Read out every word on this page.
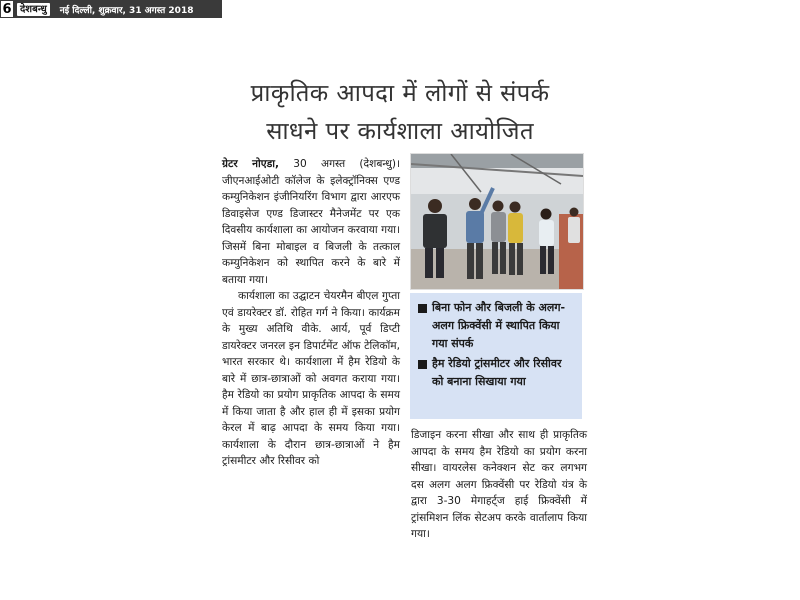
6 देशबन्धु	नई दिल्ली, शुक्रवार, 31 अगस्त 2018
प्राकृतिक आपदा में लोगों से संपर्क
साधने पर कार्यशाला आयोजित

ग्रेटर नोएडा, 30 अगस्त (देशबन्धु)। जीएनआईओटी कॉलेज के इलेक्ट्रॉनिक्स एण्ड कम्युनिकेशन इंजीनियरिंग विभाग द्वारा आरएफ डिवाइसेज एण्ड डिजास्टर मैनेजमेंट पर एक दिवसीय कार्यशाला का आयोजन करवाया गया। जिसमें बिना मोबाइल व बिजली के तत्काल कम्युनिकेशन को स्थापित करने के बारे में बताया गया।

कार्यशाला का उद्घाटन चेयरमैन बीएल गुप्ता एवं डायरेक्टर डॉ. रोहित गर्ग ने किया। कार्यक्रम के मुख्य अतिथि वीके. आर्य, पूर्व डिप्टी डायरेक्टर जनरल इन डिपार्टमेंट ऑफ टेलिकॉम, भारत सरकार थे। कार्यशाला में हैम रेडियो के बारे में छात्र-छात्राओं को अवगत कराया गया। हैम रेडियो का प्रयोग प्राकृतिक आपदा के समय में किया जाता है और हाल ही में इसका प्रयोग केरल में बाढ़ आपदा के समय किया गया। कार्यशाला के दौरान छात्र-छात्राओं ने हैम ट्रांसमीटर और रिसीवर को

बिना फोन और बिजली के अलग-अलग फ्रिक्वेंसी में स्थापित किया गया संपर्क
हैम रेडियो ट्रांसमीटर और रिसीवर को बनाना सिखाया गया

डिजाइन करना सीखा और साथ ही प्राकृतिक आपदा के समय हैम रेडियो का प्रयोग करना सीखा। वायरलेस कनेक्शन सेट कर लगभग दस अलग अलग फ्रिक्वेंसी पर रेडियो यंत्र के द्वारा 3-30 मेगाहर्ट्ज हाई फ्रिक्वेंसी में ट्रांसमिशन लिंक सेटअप करके वार्तालाप किया गया।
